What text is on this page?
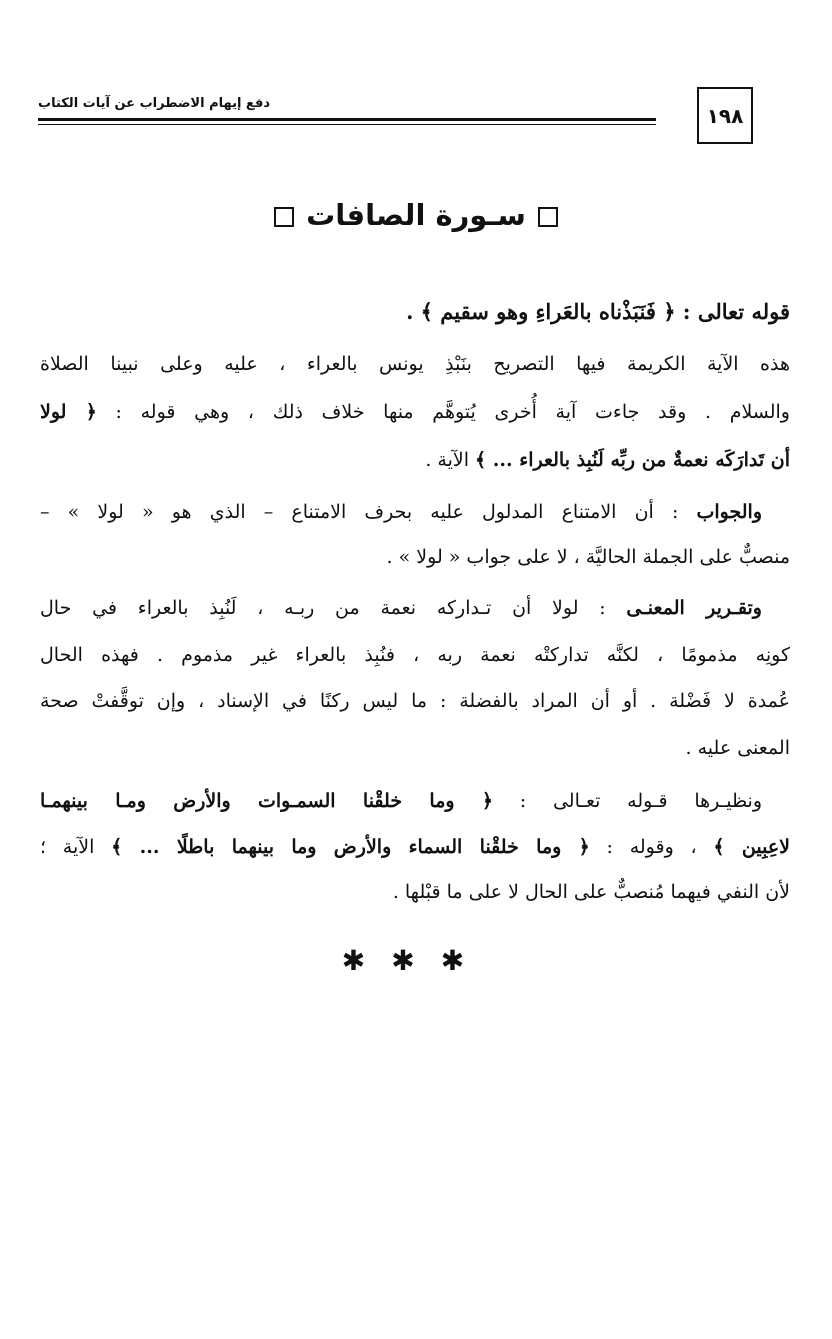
١٩٨
دفع إيهام الاضطراب عن آيات الكتاب
سـورة الصافات
قوله تعالى : ﴿ فَنَبَذْناه بالعَراءِ وهو سقيم ﴾ .
هذه الآية الكريمة فيها التصريح بنَبْذِ يونس بالعراء ، عليه وعلى نبينا الصلاة
والسلام . وقد جاءت آية أُخرى يُتوهَّم منها خلاف ذلك ، وهي قوله : ﴿ لولا
أن تَدارَكَه نعمةٌ من ربِّه لَنُبِذ بالعراء ... ﴾ الآية .
والجواب : أن الامتناع المدلول عليه بحرف الامتناع – الذي هو « لولا » –
منصبٌّ على الجملة الحاليَّة ، لا على جواب « لولا » .
وتقـرير المعنـى : لولا أن تـداركه نعمة من ربـه ، لَنُبِذ بالعراء في حال
كونِه مذمومًا ، لكنَّه تداركتْه نعمة ربه ، فنُبِذ بالعراء غير مذموم . فهذه الحال
عُمدة لا فَضْلة . أو أن المراد بالفضلة : ما ليس ركنًا في الإسناد ، وإن توقَّفتْ صحة
المعنى عليه .
ونظيـرها قـوله تعـالى : ﴿ وما خلقْنا السمـوات والأرض ومـا بينهمـا
لاعِبِين ﴾ ، وقوله : ﴿ وما خلقْنا السماء والأرض وما بينهما باطلًا ... ﴾ الآية ؛
لأن النفي فيهما مُنصبٌّ على الحال لا على ما قبْلها .
✱✱✱
